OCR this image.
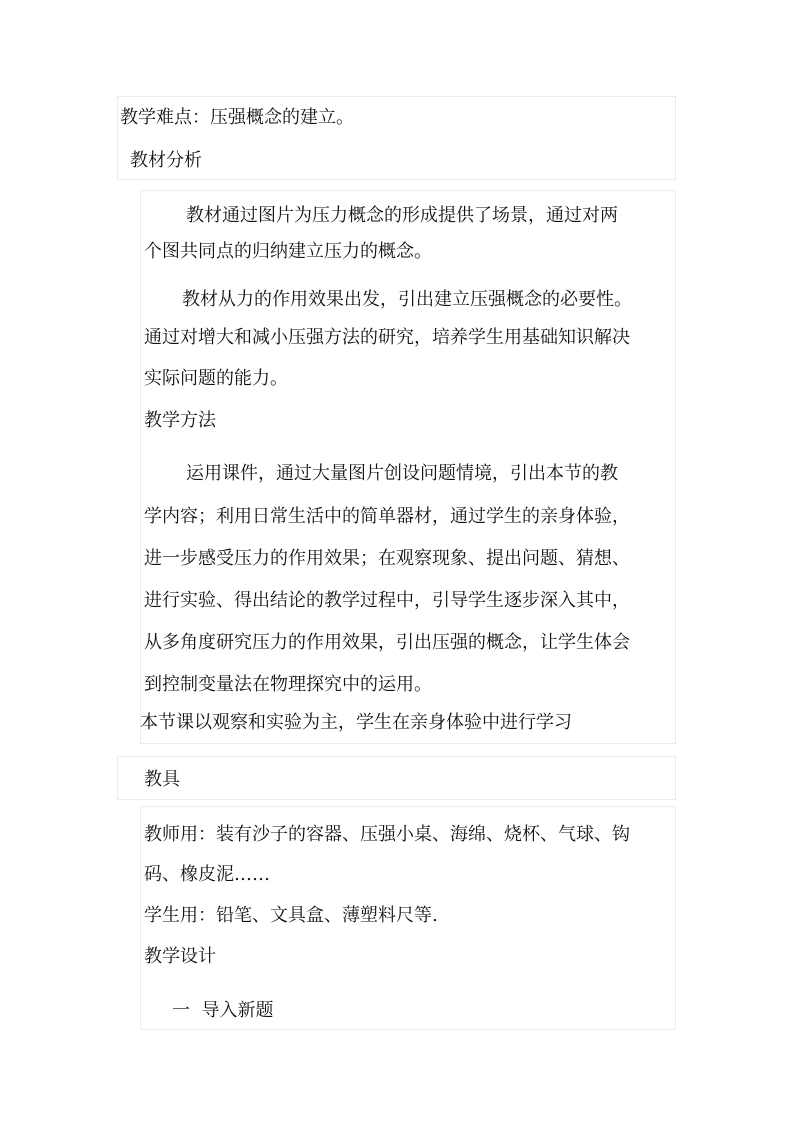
教学难点：压强概念的建立。

教材分析

教材通过图片为压力概念的形成提供了场景，通过对两

个图共同点的归纳建立压力的概念。

教材从力的作用效果出发，引出建立压强概念的必要性。

通过对增大和减小压强方法的研究，培养学生用基础知识解决

实际问题的能力。

教学方法

运用课件，通过大量图片创设问题情境，引出本节的教

学内容；利用日常生活中的简单器材，通过学生的亲身体验，

进一步感受压力的作用效果；在观察现象、提出问题、猜想、

进行实验、得出结论的教学过程中，引导学生逐步深入其中，

从多角度研究压力的作用效果，引出压强的概念，让学生体会

到控制变量法在物理探究中的运用。

本节课以观察和实验为主，学生在亲身体验中进行学习

教具

教师用：装有沙子的容器、压强小桌、海绵、烧杯、气球、钩

码、橡皮泥……

学生用：铅笔、文具盒、薄塑料尺等.

教学设计

一  导入新题
